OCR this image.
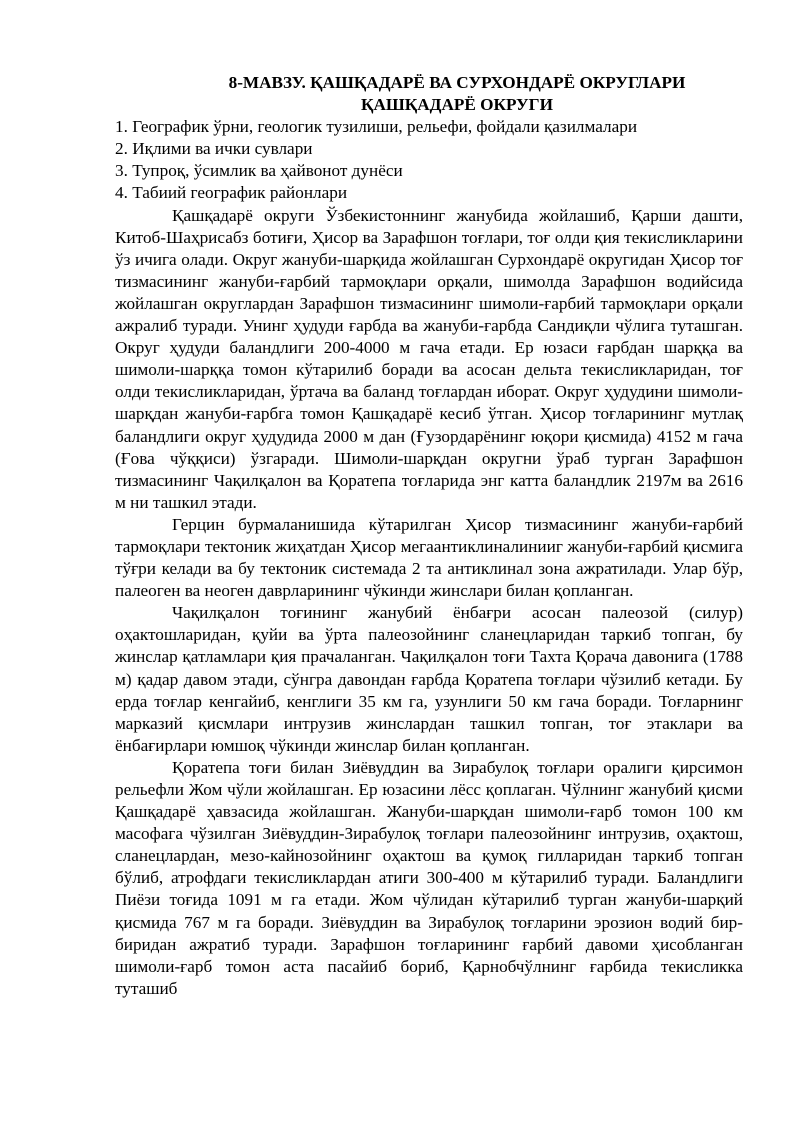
8-МАВЗУ. ҚАШҚАДАРЁ ВА СУРХОНДАРЁ ОКРУГЛАРИ
ҚАШҚАДАРЁ ОКРУГИ
1. Географик ўрни, геологик тузилиши, рельефи, фойдали қазилмалари
2. Иқлими ва ички сувлари
3. Тупроқ, ўсимлик ва ҳайвонот дунёси
4. Табиий географик районлари

Қашқадарё округи Ўзбекистоннинг жанубида жойлашиб, Қарши дашти, Китоб-Шаҳрисабз ботиғи, Ҳисор ва Зарафшон тоғлари, тоғ олди қия текисликларини ўз ичига олади. Округ жануби-шарқида жойлашган Сурхондарё округидан Ҳисор тоғ тизмасининг жануби-ғарбий тармоқлари орқали, шимолда Зарафшон водийсида жойлашган округлардан Зарафшон тизмасининг шимоли-ғарбий тармоқлари орқали ажралиб туради. Унинг ҳудуди ғарбда ва жануби-ғарбда Сандиқли чўлига туташган. Округ ҳудуди баландлиги 200-4000 м гача етади. Ер юзаси ғарбдан шарққа ва шимоли-шарққа томон кўтарилиб боради ва асосан дельта текисликларидан, тоғ олди текисликларидан, ўртача ва баланд тоғлардан иборат. Округ ҳудудини шимоли-шарқдан жануби-ғарбга томон Қашқадарё кесиб ўтган. Ҳисор тоғларининг мутлақ баландлиги округ ҳудудида 2000 м дан (Ғузордарёнинг юқори қисмида) 4152 м гача (Ғова чўққиси) ўзгаради. Шимоли-шарқдан округни ўраб турган Зарафшон тизмасининг Чақилқалон ва Қоратепа тоғларида энг катта баландлик 2197м ва 2616 м ни ташкил этади.

Герцин бурмаланишида кўтарилган Ҳисор тизмасининг жануби-ғарбий тармоқлари тектоник жиҳатдан Ҳисор мегаантиклиналинииг жануби-ғарбий қисмига тўғри келади ва бу тектоник системада 2 та антиклинал зона ажратилади. Улар бўр, палеоген ва неоген даврларининг чўкинди жинслари билан қопланган.

Чақилқалон тоғининг жанубий ёнбағри асосан палеозой (силур) оҳактошларидан, қуйи ва ўрта палеозойнинг сланецларидан таркиб топган, бу жинслар қатламлари қия прачаланган. Чақилқалон тоғи Тахта Қорача давонига (1788 м) қадар давом этади, сўнгра давондан ғарбда Қоратепа тоғлари чўзилиб кетади. Бу ерда тоғлар кенгайиб, кенглиги 35 км га, узунлиги 50 км гача боради. Тоғларнинг марказий қисмлари интрузив жинслардан ташкил топган, тоғ этаклари ва ёнбағирлари юмшоқ чўкинди жинслар билан қопланган.

Қоратепа тоғи билан Зиёвуддин ва Зирабулоқ тоғлари оралиги қирсимон рельефли Жом чўли жойлашган. Ер юзасини лёсс қоплаган. Чўлнинг жанубий қисми Қашқадарё ҳавзасида жойлашган. Жануби-шарқдан шимоли-ғарб томон 100 км масофага чўзилган Зиёвуддин-Зирабулоқ тоғлари палеозойнинг интрузив, оҳактош, сланецлардан, мезо-кайнозойнинг оҳактош ва қумоқ гилларидан таркиб топган бўлиб, атрофдаги текисликлардан атиги 300-400 м кўтарилиб туради. Баландлиги Пиёзи тоғида 1091 м га етади. Жом чўлидан кўтарилиб турган жануби-шарқий қисмида 767 м га боради. Зиёвуддин ва Зирабулоқ тоғларини эрозион водий бир-биридан ажратиб туради. Зарафшон тоғларининг ғарбий давоми ҳисобланган шимоли-ғарб томон аста пасайиб бориб, Қарнобчўлнинг ғарбида текисликка туташиб
